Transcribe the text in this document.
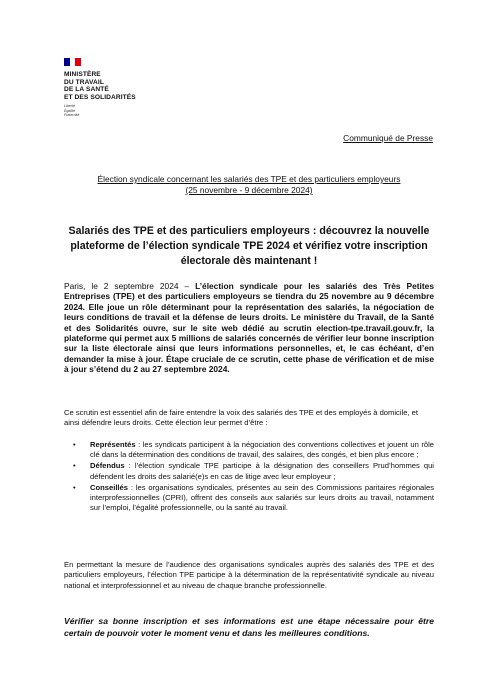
MINISTÈRE
DU TRAVAIL
DE LA SANTÉ
ET DES SOLIDARITÉS
Liberté
Égalité
Fraternité
Communiqué de Presse
Élection syndicale concernant les salariés des TPE et des particuliers employeurs
(25 novembre - 9 décembre 2024)
Salariés des TPE et des particuliers employeurs : découvrez la nouvelle plateforme de l’élection syndicale TPE 2024 et vérifiez votre inscription électorale dès maintenant !
Paris, le 2 septembre 2024 – L’élection syndicale pour les salariés des Très Petites Entreprises (TPE) et des particuliers employeurs se tiendra du 25 novembre au 9 décembre 2024. Elle joue un rôle déterminant pour la représentation des salariés, la négociation de leurs conditions de travail et la défense de leurs droits. Le ministère du Travail, de la Santé et des Solidarités ouvre, sur le site web dédié au scrutin election-tpe.travail.gouv.fr, la plateforme qui permet aux 5 millions de salariés concernés de vérifier leur bonne inscription sur la liste électorale ainsi que leurs informations personnelles, et, le cas échéant, d’en demander la mise à jour. Étape cruciale de ce scrutin, cette phase de vérification et de mise à jour s’étend du 2 au 27 septembre 2024.
Ce scrutin est essentiel afin de faire entendre la voix des salariés des TPE et des employés à domicile, et ainsi défendre leurs droits. Cette élection leur permet d’être :
• Représentés : les syndicats participent à la négociation des conventions collectives et jouent un rôle clé dans la détermination des conditions de travail, des salaires, des congés, et bien plus encore ;
• Défendus : l’élection syndicale TPE participe à la désignation des conseillers Prud’hommes qui défendent les droits des salarié(e)s en cas de litige avec leur employeur ;
• Conseillés : les organisations syndicales, présentes au sein des Commissions paritaires régionales interprofessionnelles (CPRI), offrent des conseils aux salariés sur leurs droits au travail, notamment sur l’emploi, l’égalité professionnelle, ou la santé au travail.
En permettant la mesure de l’audience des organisations syndicales auprès des salariés des TPE et des particuliers employeurs, l’élection TPE participe à la détermination de la représentativité syndicale au niveau national et interprofessionnel et au niveau de chaque branche professionnelle.
Vérifier sa bonne inscription et ses informations est une étape nécessaire pour être certain de pouvoir voter le moment venu et dans les meilleures conditions.
